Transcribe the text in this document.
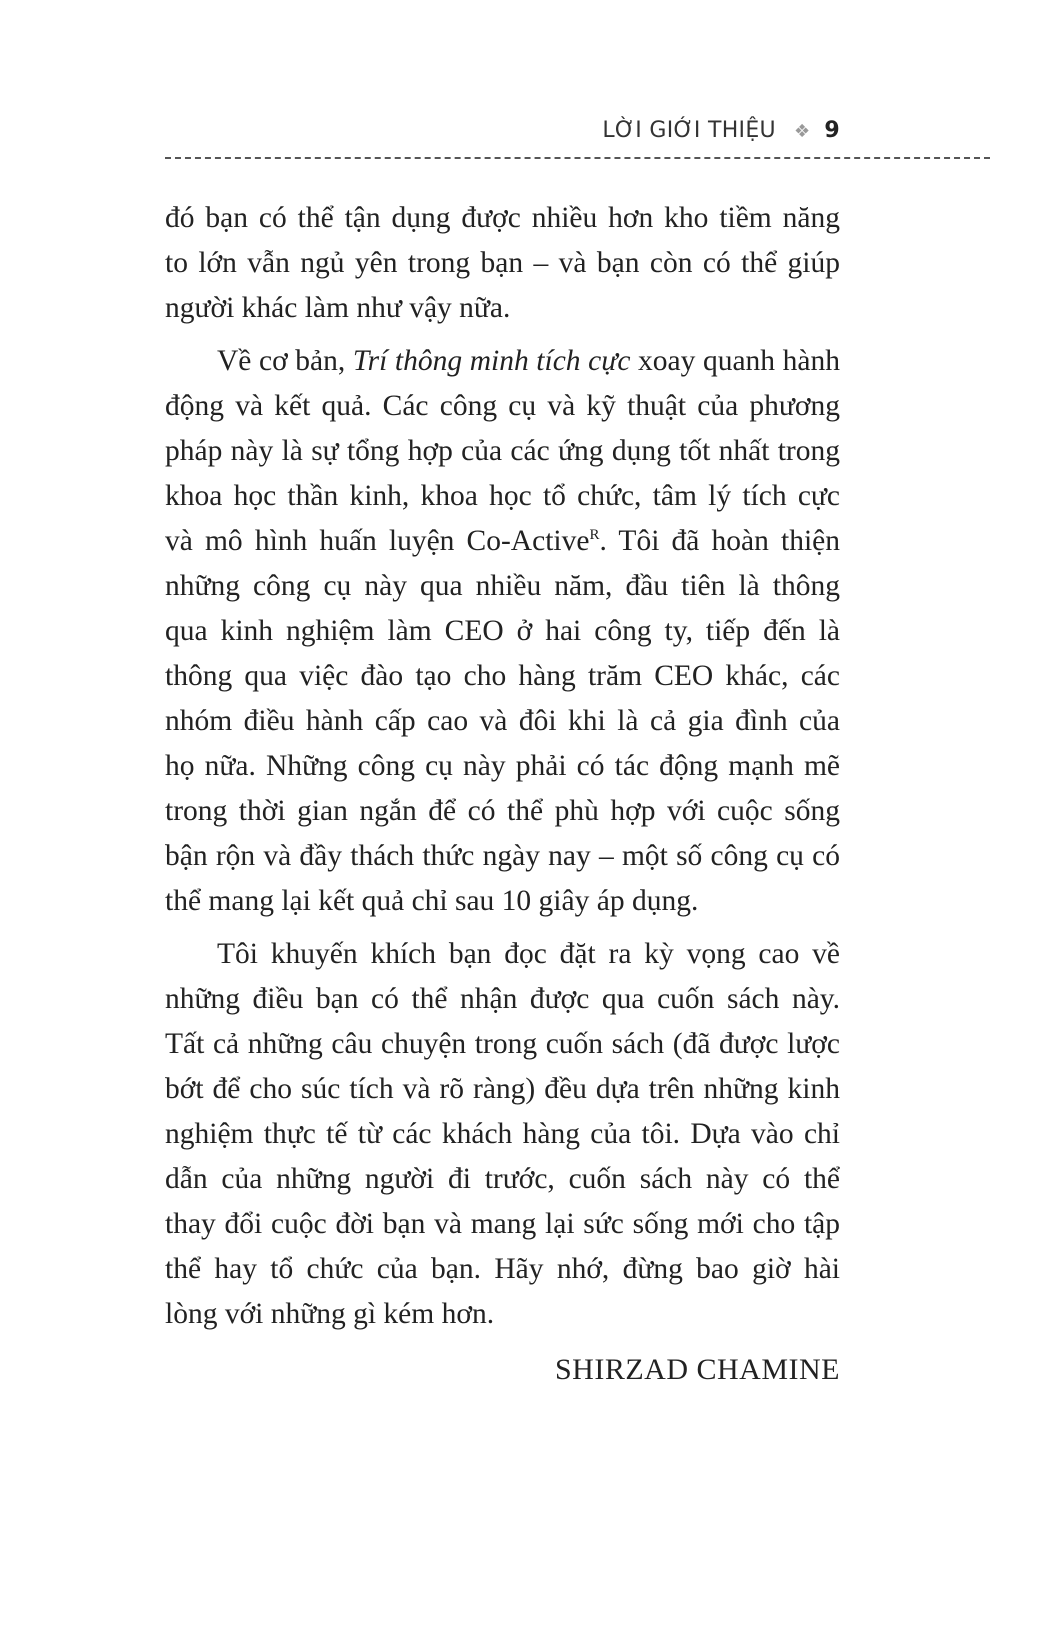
LỜI GIỚI THIỆU ❖ 9
đó bạn có thể tận dụng được nhiều hơn kho tiềm năng
to lớn vẫn ngủ yên trong bạn – và bạn còn có thể giúp
người khác làm như vậy nữa.
Về cơ bản, Trí thông minh tích cực xoay quanh hành
động và kết quả. Các công cụ và kỹ thuật của phương
pháp này là sự tổng hợp của các ứng dụng tốt nhất trong
khoa học thần kinh, khoa học tổ chức, tâm lý tích cực
và mô hình huấn luyện Co-Active$^R$. Tôi đã hoàn thiện
những công cụ này qua nhiều năm, đầu tiên là thông
qua kinh nghiệm làm CEO ở hai công ty, tiếp đến là
thông qua việc đào tạo cho hàng trăm CEO khác, các
nhóm điều hành cấp cao và đôi khi là cả gia đình của
họ nữa. Những công cụ này phải có tác động mạnh mẽ
trong thời gian ngắn để có thể phù hợp với cuộc sống
bận rộn và đầy thách thức ngày nay – một số công cụ có
thể mang lại kết quả chỉ sau 10 giây áp dụng.
Tôi khuyến khích bạn đọc đặt ra kỳ vọng cao về
những điều bạn có thể nhận được qua cuốn sách này.
Tất cả những câu chuyện trong cuốn sách (đã được lược
bớt để cho súc tích và rõ ràng) đều dựa trên những kinh
nghiệm thực tế từ các khách hàng của tôi. Dựa vào chỉ
dẫn của những người đi trước, cuốn sách này có thể
thay đổi cuộc đời bạn và mang lại sức sống mới cho tập
thể hay tổ chức của bạn. Hãy nhớ, đừng bao giờ hài
lòng với những gì kém hơn.
SHIRZAD CHAMINE
